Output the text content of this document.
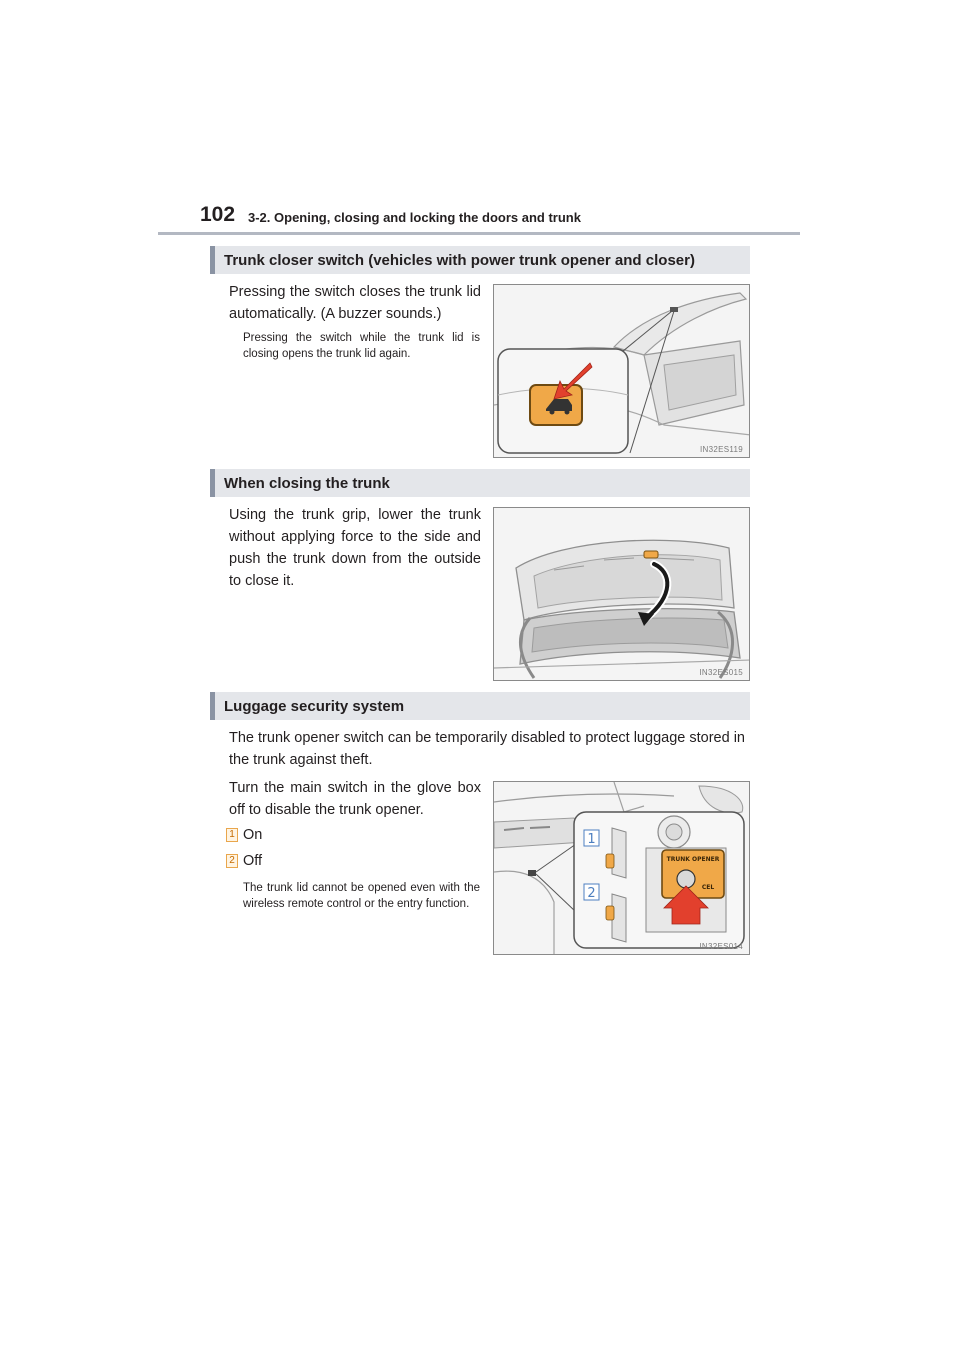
102 3-2. Opening, closing and locking the doors and trunk
Trunk closer switch (vehicles with power trunk opener and closer)
Pressing the switch closes the trunk lid automatically. (A buzzer sounds.)
Pressing the switch while the trunk lid is closing opens the trunk lid again.
IN32ES119
When closing the trunk
Using the trunk grip, lower the trunk without applying force to the side and push the trunk down from the outside to close it.
IN32ES015
Luggage security system
The trunk opener switch can be temporarily disabled to protect luggage stored in the trunk against theft.
Turn the main switch in the glove box off to disable the trunk opener.
1 On
2 Off
The trunk lid cannot be opened even with the wireless remote control or the entry function.
1
2
TRUNK OPENER
CEL
IN32ES014
